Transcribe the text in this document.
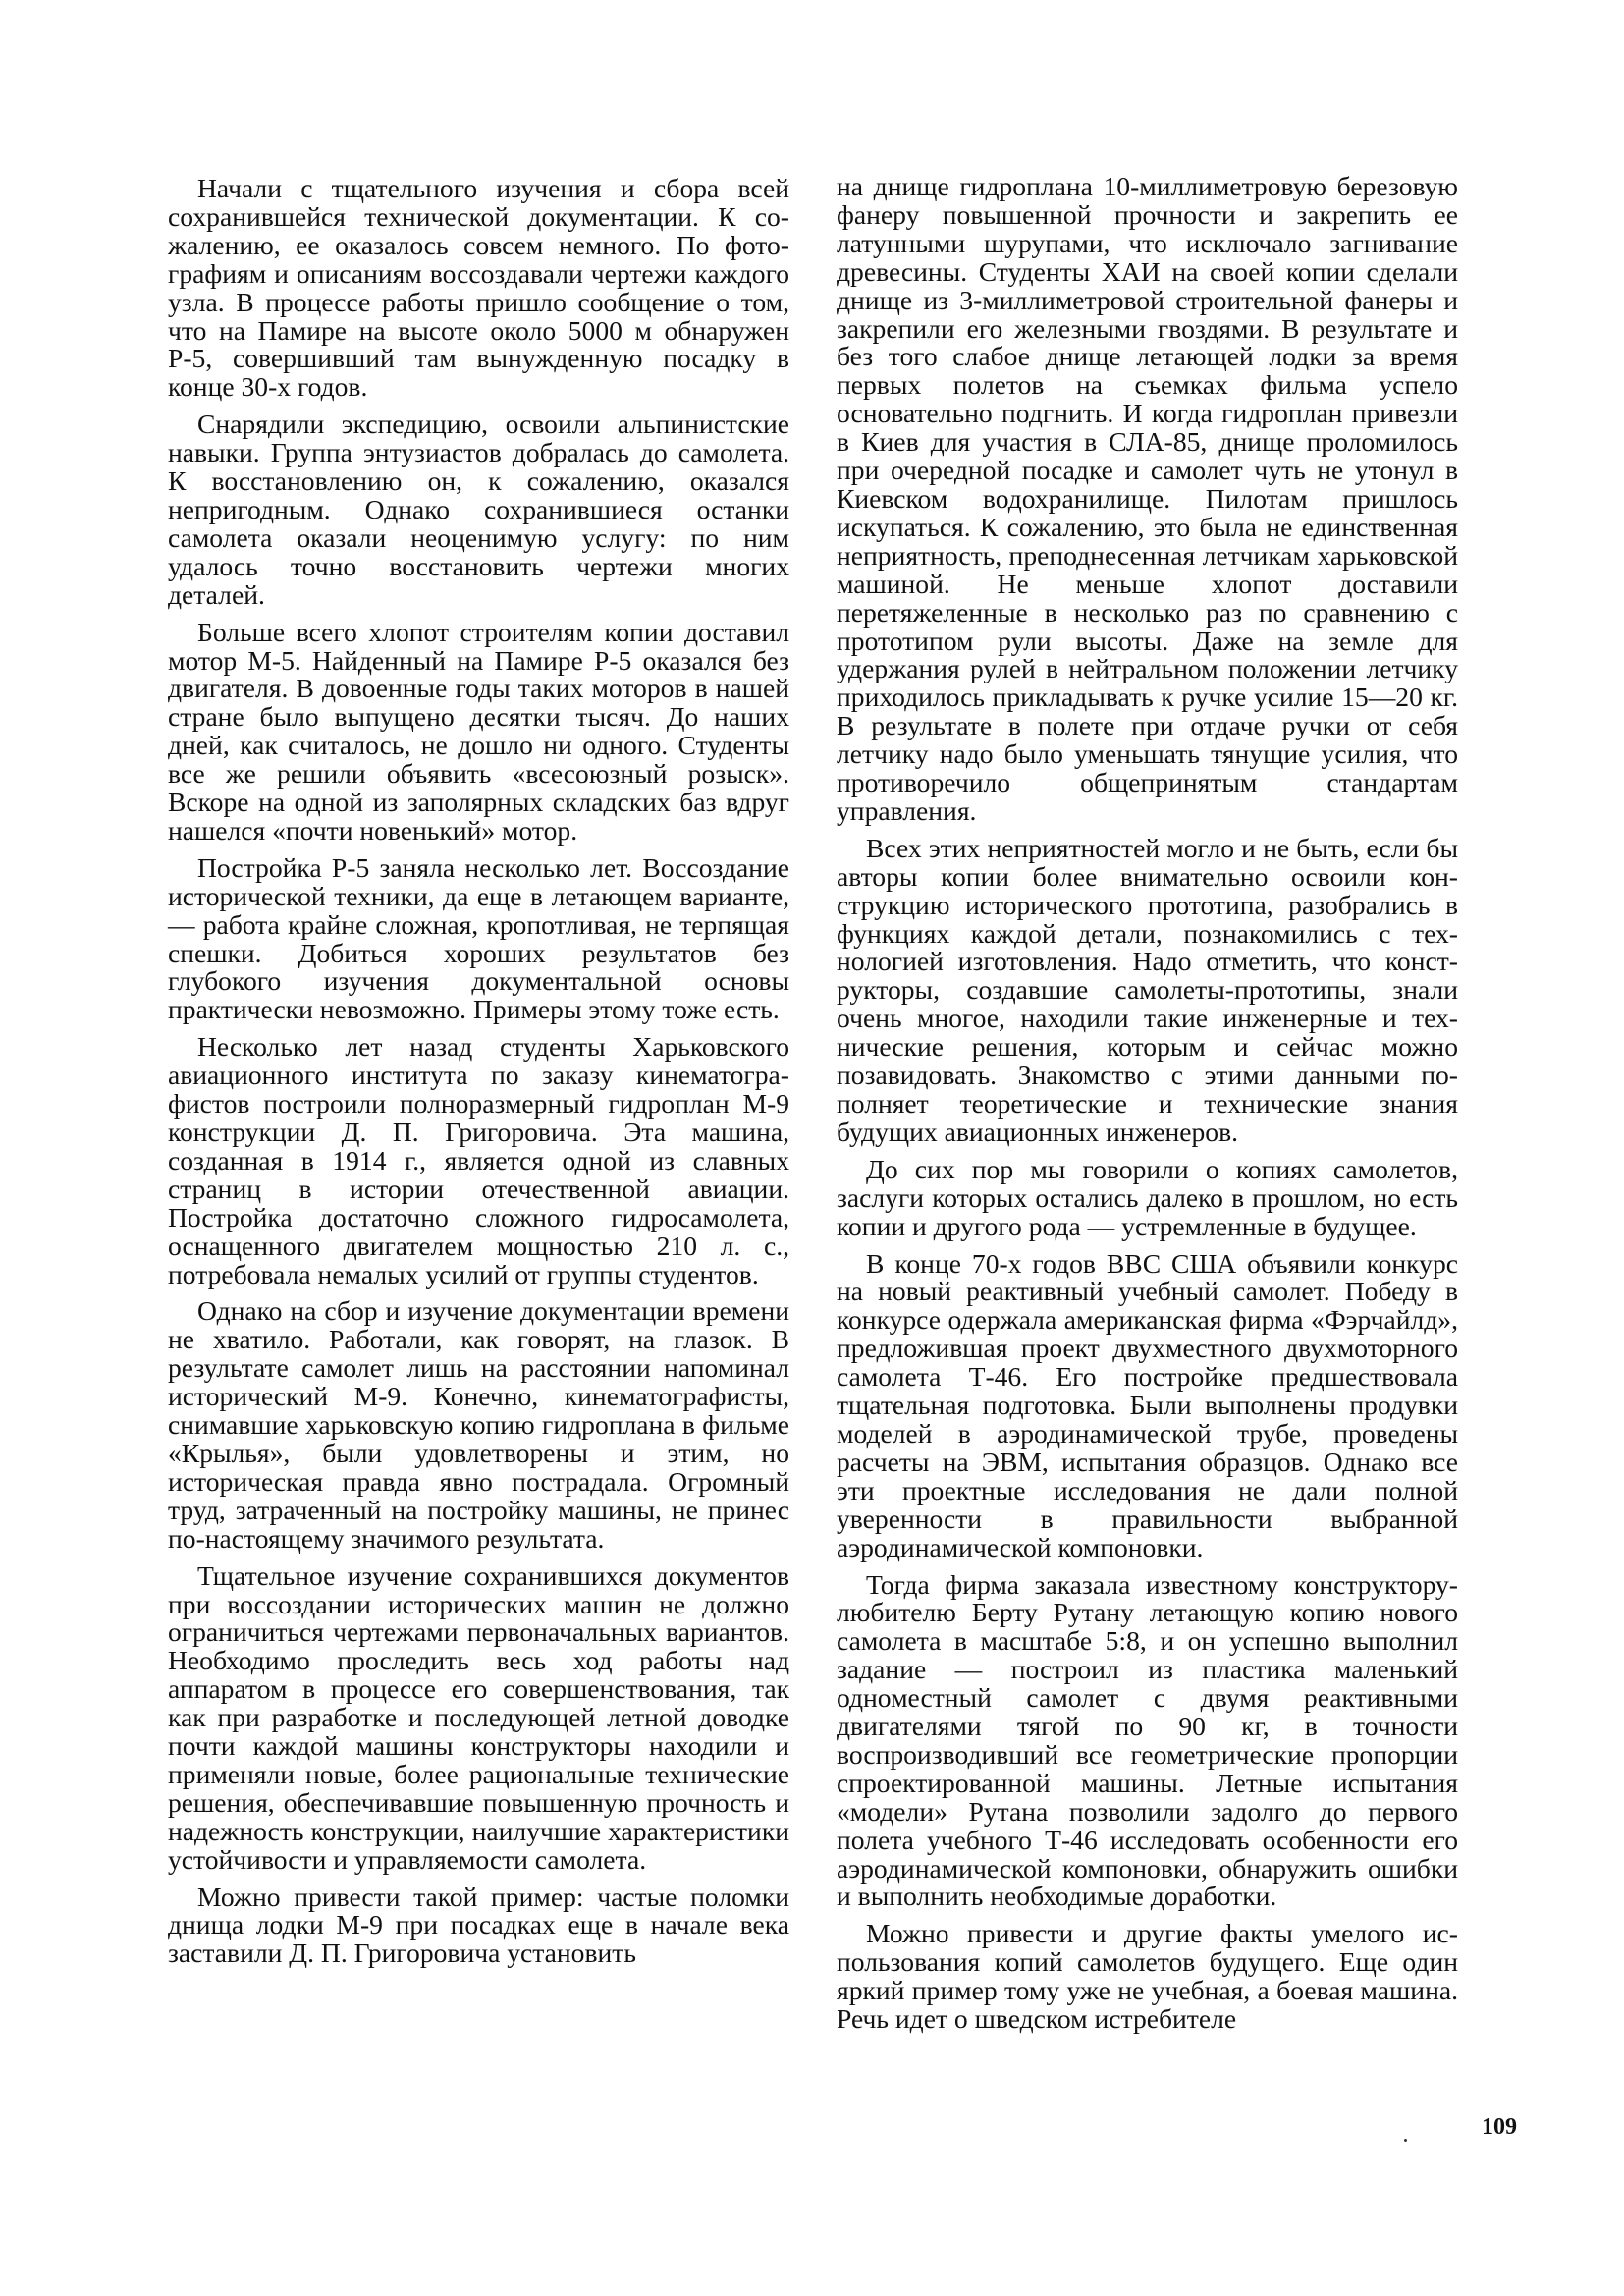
Начали с тщательного изучения и сбора всей сохранившейся технической документации. К сожалению, ее оказалось совсем немного. По фотографиям и описаниям воссоздавали чертежи каждого узла. В процессе работы пришло сообщение о том, что на Памире на высоте около 5000 м обнаружен Р-5, совершивший там вынужденную посадку в конце 30-х годов.

Снарядили экспедицию, освоили альпинистские навыки. Группа энтузиастов добралась до самолета. К восстановлению он, к сожалению, оказался непригодным. Однако сохранившиеся останки самолета оказали неоценимую услугу: по ним удалось точно восстановить чертежи многих деталей.

Больше всего хлопот строителям копии доставил мотор М-5. Найденный на Памире Р-5 оказался без двигателя. В довоенные годы таких моторов в нашей стране было выпущено десятки тысяч. До наших дней, как считалось, не дошло ни одного. Студенты все же решили объявить «всесоюзный розыск». Вскоре на одной из заполярных складских баз вдруг нашелся «почти новенький» мотор.

Постройка Р-5 заняла несколько лет. Воссоздание исторической техники, да еще в летающем варианте,— работа крайне сложная, кропотливая, не терпящая спешки. Добиться хороших результатов без глубокого изучения документальной основы практически невозможно. Примеры этому тоже есть.

Несколько лет назад студенты Харьковского авиационного института по заказу кинематографистов построили полноразмерный гидроплан М-9 конструкции Д. П. Григоровича. Эта машина, созданная в 1914 г., является одной из славных страниц в истории отечественной авиации. Постройка достаточно сложного гидросамолета, оснащенного двигателем мощностью 210 л. с., потребовала немалых усилий от группы студентов.

Однако на сбор и изучение документации времени не хватило. Работали, как говорят, на глазок. В результате самолет лишь на расстоянии напоминал исторический М-9. Конечно, кинематографисты, снимавшие харьковскую копию гидроплана в фильме «Крылья», были удовлетворены и этим, но историческая правда явно пострадала. Огромный труд, затраченный на постройку машины, не принес по-настоящему значимого результата.

Тщательное изучение сохранившихся документов при воссоздании исторических машин не должно ограничиться чертежами первоначальных вариантов. Необходимо проследить весь ход работы над аппаратом в процессе его совершенствования, так как при разработке и последующей летной доводке почти каждой машины конструкторы находили и применяли новые, более рациональные технические решения, обеспечивавшие повышенную прочность и надежность конструкции, наилучшие характеристики устойчивости и управляемости самолета.

Можно привести такой пример: частые поломки днища лодки М-9 при посадках еще в начале века заставили Д. П. Григоровича установить

на днище гидроплана 10-миллиметровую березовую фанеру повышенной прочности и закрепить ее латунными шурупами, что исключало загнивание древесины. Студенты ХАИ на своей копии сделали днище из 3-миллиметровой строительной фанеры и закрепили его железными гвоздями. В результате и без того слабое днище летающей лодки за время первых полетов на съемках фильма успело основательно подгнить. И когда гидроплан привезли в Киев для участия в СЛА-85, днище проломилось при очередной посадке и самолет чуть не утонул в Киевском водохранилище. Пилотам пришлось искупаться. К сожалению, это была не единственная неприятность, преподнесенная летчикам харьковской машиной. Не меньше хлопот доставили перетяжеленные в несколько раз по сравнению с прототипом рули высоты. Даже на земле для удержания рулей в нейтральном положении летчику приходилось прикладывать к ручке усилие 15—20 кг. В результате в полете при отдаче ручки от себя летчику надо было уменьшать тянущие усилия, что противоречило общепринятым стандартам управления.

Всех этих неприятностей могло и не быть, если бы авторы копии более внимательно освоили конструкцию исторического прототипа, разобрались в функциях каждой детали, познакомились с технологией изготовления. Надо отметить, что конструкторы, создавшие самолеты-прототипы, знали очень многое, находили такие инженерные и технические решения, которым и сейчас можно позавидовать. Знакомство с этими данными пополняет теоретические и технические знания будущих авиационных инженеров.

До сих пор мы говорили о копиях самолетов, заслуги которых остались далеко в прошлом, но есть копии и другого рода — устремленные в будущее.

В конце 70-х годов ВВС США объявили конкурс на новый реактивный учебный самолет. Победу в конкурсе одержала американская фирма «Фэрчайлд», предложившая проект двухместного двухмоторного самолета Т-46. Его постройке предшествовала тщательная подготовка. Были выполнены продувки моделей в аэродинамической трубе, проведены расчеты на ЭВМ, испытания образцов. Однако все эти проектные исследования не дали полной уверенности в правильности выбранной аэродинамической компоновки.

Тогда фирма заказала известному конструктору-любителю Берту Рутану летающую копию нового самолета в масштабе 5:8, и он успешно выполнил задание — построил из пластика маленький одноместный самолет с двумя реактивными двигателями тягой по 90 кг, в точности воспроизводивший все геометрические пропорции спроектированной машины. Летные испытания «модели» Рутана позволили задолго до первого полета учебного Т-46 исследовать особенности его аэродинамической компоновки, обнаружить ошибки и выполнить необходимые доработки.

Можно привести и другие факты умелого использования копий самолетов будущего. Еще один яркий пример тому уже не учебная, а боевая машина. Речь идет о шведском истребителе

109
